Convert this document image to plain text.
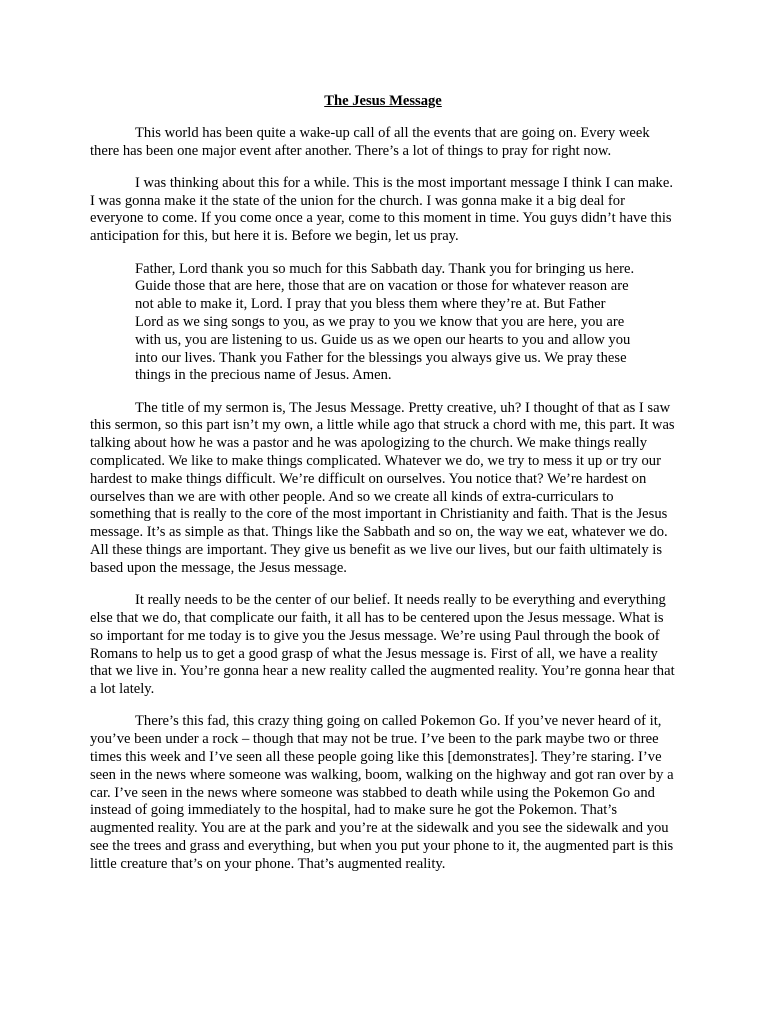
The Jesus Message

This world has been quite a wake-up call of all the events that are going on. Every week there has been one major event after another. There’s a lot of things to pray for right now.

I was thinking about this for a while. This is the most important message I think I can make. I was gonna make it the state of the union for the church. I was gonna make it a big deal for everyone to come. If you come once a year, come to this moment in time. You guys didn’t have this anticipation for this, but here it is. Before we begin, let us pray.

Father, Lord thank you so much for this Sabbath day. Thank you for bringing us here. Guide those that are here, those that are on vacation or those for whatever reason are not able to make it, Lord. I pray that you bless them where they’re at. But Father Lord as we sing songs to you, as we pray to you we know that you are here, you are with us, you are listening to us. Guide us as we open our hearts to you and allow you into our lives. Thank you Father for the blessings you always give us. We pray these things in the precious name of Jesus. Amen.

The title of my sermon is, The Jesus Message. Pretty creative, uh? I thought of that as I saw this sermon, so this part isn’t my own, a little while ago that struck a chord with me, this part. It was talking about how he was a pastor and he was apologizing to the church. We make things really complicated. We like to make things complicated. Whatever we do, we try to mess it up or try our hardest to make things difficult. We’re difficult on ourselves. You notice that? We’re hardest on ourselves than we are with other people. And so we create all kinds of extra-curriculars to something that is really to the core of the most important in Christianity and faith. That is the Jesus message. It’s as simple as that. Things like the Sabbath and so on, the way we eat, whatever we do. All these things are important. They give us benefit as we live our lives, but our faith ultimately is based upon the message, the Jesus message.

It really needs to be the center of our belief. It needs really to be everything and everything else that we do, that complicate our faith, it all has to be centered upon the Jesus message. What is so important for me today is to give you the Jesus message. We’re using Paul through the book of Romans to help us to get a good grasp of what the Jesus message is. First of all, we have a reality that we live in. You’re gonna hear a new reality called the augmented reality. You’re gonna hear that a lot lately.

There’s this fad, this crazy thing going on called Pokemon Go. If you’ve never heard of it, you’ve been under a rock – though that may not be true. I’ve been to the park maybe two or three times this week and I’ve seen all these people going like this [demonstrates]. They’re staring. I’ve seen in the news where someone was walking, boom, walking on the highway and got ran over by a car. I’ve seen in the news where someone was stabbed to death while using the Pokemon Go and instead of going immediately to the hospital, had to make sure he got the Pokemon. That’s augmented reality. You are at the park and you’re at the sidewalk and you see the sidewalk and you see the trees and grass and everything, but when you put your phone to it, the augmented part is this little creature that’s on your phone. That’s augmented reality.
